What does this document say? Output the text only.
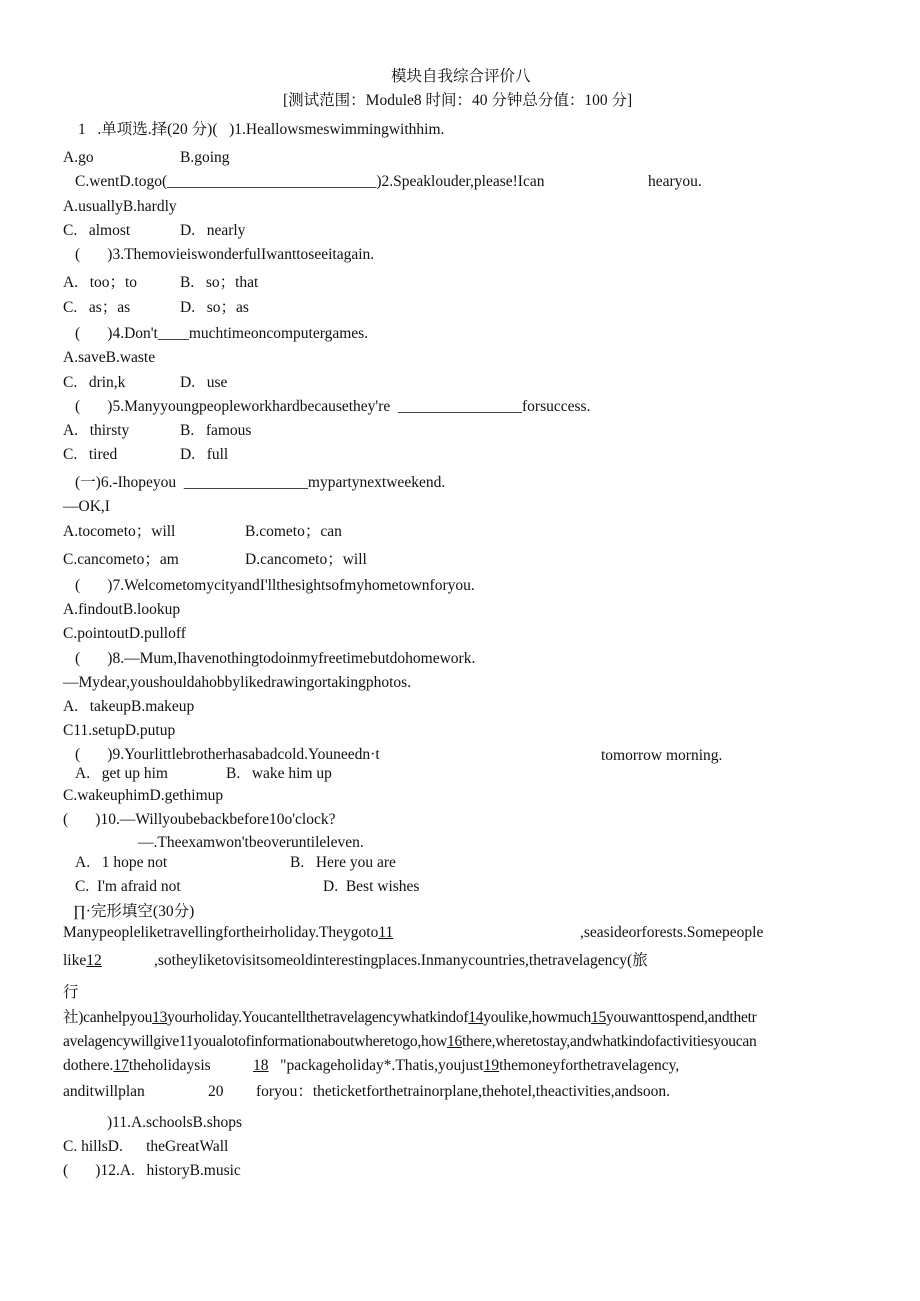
模块自我综合评价八
[测试范围：Module8 时间：40 分钟总分值：100 分]
1   .单项选.择(20 分)(   )1.Heallowsmeswimmingwithhim.
A.go	B.going
C.wentD.togo(___________________________)2.Speaklouder,please!Ican	hearyou.
A.usuallyB.hardly
C.   almost	D.   nearly
(       )3.ThemovieiswonderfulIwanttoseeitagain.
A.   too；to	B.   so；that
C.   as；as	D.   so；as
(       )4.Don't____muchtimeoncomputergames.
A.saveB.waste
C.   drin,k	D.   use
(       )5.Manyyoungpeopleworkhardbecausethey're  ________________forsuccess.
A.   thirsty	B.   famous
C.   tired	D.   full
(一)6.-Ihopeyou  ________________mypartynextweekend.
—OK,I
A.tocometo；will	B.cometo；can
C.cancometo；am	D.cancometo；will
(       )7.WelcometomycityandI'llthesightsofmyhometownforyou.
A.findoutB.lookup
C.pointoutD.pulloff
(       )8.—Mum,Ihavenothingtodoinmyfreetimebutdohomework.
—Mydear,youshouldahobbylikedrawingortakingphotos.
A.   takeupB.makeup
C11.setupD.putup
(       )9.Yourlittlebrotherhasabadcold.Youneedn·t	tomorrow morning.
A.   get up him	B.   wake him up
C.wakeuphimD.gethimup
(       )10.—Willyoubebackbefore10o'clock?
—.Theexamwon'tbeoveruntileleven.
A.   1 hope not	B.   Here you are
C.  I'm afraid not	D.  Best wishes
∏·完形填空(30分)
Manypeopleliketravellingfortheirholiday.Theygoto11	,seasideorforests.Somepeople
like12	,sotheyliketovisitsomeoldinterestingplaces.Inmanycountries,thetravelagency(旅
行
社)canhelpyou13yourholiday.Youcantellthetravelagencywhatkindof14youlike,howmuch15youwanttospend,andthetr
avelagencywillgive11youalotofinformationaboutwheretogo,how16there,wheretostay,andwhatkindofactivitiesyoucan
dothere.17theholidaysis	18 "packageholiday*.Thatis,youjust19themoneyforthetravelagency,
anditwillplan	20 foryou：theticketforthetrainorplane,thehotel,theactivities,andsoon.
)11.A.schoolsB.shops
C. hillsD.      theGreatWall
(       )12.A.   historyB.music
